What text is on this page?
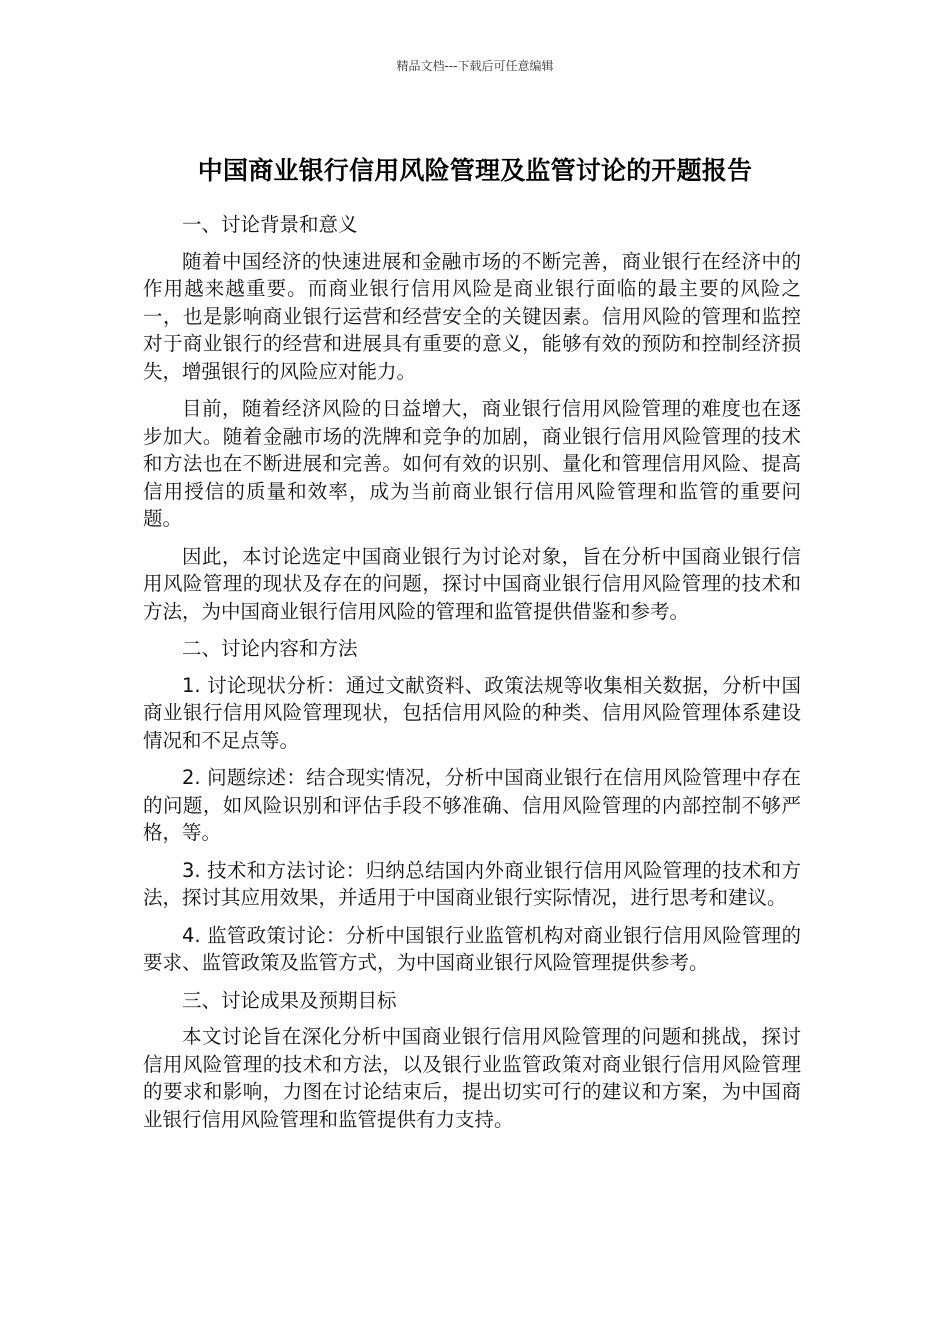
精品文档---下载后可任意编辑
中国商业银行信用风险管理及监管讨论的开题报告

一、讨论背景和意义

随着中国经济的快速进展和金融市场的不断完善，商业银行在经济中的作用越来越重要。而商业银行信用风险是商业银行面临的最主要的风险之一，也是影响商业银行运营和经营安全的关键因素。信用风险的管理和监控对于商业银行的经营和进展具有重要的意义，能够有效的预防和控制经济损失，增强银行的风险应对能力。

目前，随着经济风险的日益增大，商业银行信用风险管理的难度也在逐步加大。随着金融市场的洗牌和竞争的加剧，商业银行信用风险管理的技术和方法也在不断进展和完善。如何有效的识别、量化和管理信用风险、提高信用授信的质量和效率，成为当前商业银行信用风险管理和监管的重要问题。

因此，本讨论选定中国商业银行为讨论对象，旨在分析中国商业银行信用风险管理的现状及存在的问题，探讨中国商业银行信用风险管理的技术和方法，为中国商业银行信用风险的管理和监管提供借鉴和参考。

二、讨论内容和方法

1. 讨论现状分析：通过文献资料、政策法规等收集相关数据，分析中国商业银行信用风险管理现状，包括信用风险的种类、信用风险管理体系建设情况和不足点等。

2. 问题综述：结合现实情况，分析中国商业银行在信用风险管理中存在的问题，如风险识别和评估手段不够准确、信用风险管理的内部控制不够严格，等。

3. 技术和方法讨论：归纳总结国内外商业银行信用风险管理的技术和方法，探讨其应用效果，并适用于中国商业银行实际情况，进行思考和建议。

4. 监管政策讨论：分析中国银行业监管机构对商业银行信用风险管理的要求、监管政策及监管方式，为中国商业银行风险管理提供参考。

三、讨论成果及预期目标

本文讨论旨在深化分析中国商业银行信用风险管理的问题和挑战，探讨信用风险管理的技术和方法，以及银行业监管政策对商业银行信用风险管理的要求和影响，力图在讨论结束后，提出切实可行的建议和方案，为中国商业银行信用风险管理和监管提供有力支持。
